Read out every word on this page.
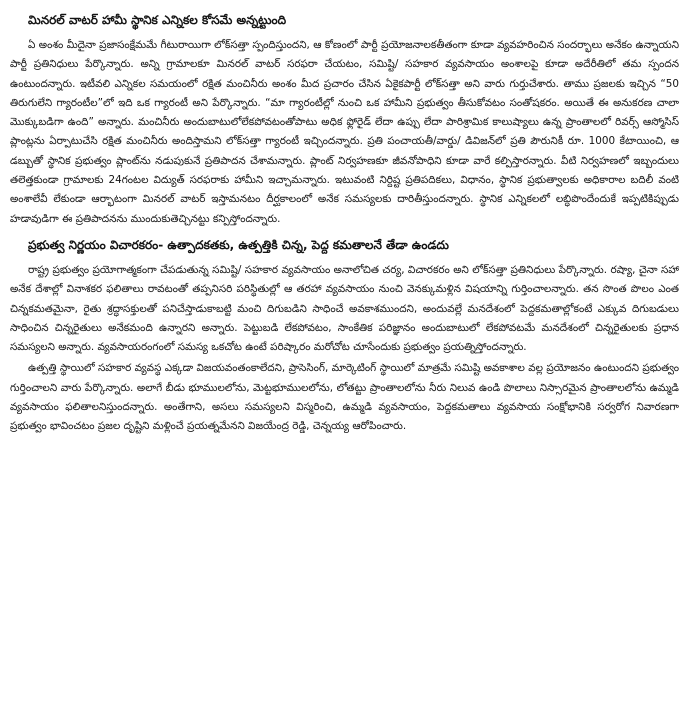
మినరల్ వాటర్ హామీ స్థానిక ఎన్నికల కోసమే అన్నట్టుంది

ఏ అంశం మీదైనా ప్రజాసంక్షేమమే గీటురాయిగా లోక్‌సత్తా స్పందిస్తుందని, ఆ కోణంలో పార్టీ ప్రయోజనాలకతీతంగా కూడా వ్యవహరించిన సందర్భాలు అనేకం ఉన్నాయని పార్టీ ప్రతినిధులు పేర్కొన్నారు. అన్ని గ్రామాలకూ మినరల్ వాటర్ సరఫరా చేయటం, సమిష్టి/ సహకార వ్యవసాయం అంశాలపై కూడా అదేరీతిలో తమ స్పందన ఉంటుందన్నారు. ఇటీవలి ఎన్నికల సమయంలో రక్షిత మంచినీరు అంశం మీద ప్రచారం చేసిన ఏకైకపార్టీ లోక్‌సత్తా అని వారు గుర్తుచేశారు. తాము ప్రజలకు ఇచ్చిన “50 తిరుగులేని గ్యారంటీల”లో ఇది ఒక గ్యారంటీ అని పేర్కొన్నారు. “మా గ్యారంటీల్లో నుంచి ఒక హామీని ప్రభుత్వం తీసుకోవటం సంతోషకరం. అయితే ఈ అనుకరణ చాలా మొక్కుబడిగా ఉంది” అన్నారు. మంచినీరు అందుబాటులోలేకపోవటంతోపాటు అధిక ఫ్లోరైడ్ లేదా ఉప్పు లేదా పారిశ్రామిక కాలుష్యాలు ఉన్న ప్రాంతాలలో రివర్స్ ఆస్మోసిస్ ప్లాంట్లను ఏర్పాటుచేసి రక్షిత మంచినీరు అందిస్తామని లోక్‌సత్తా గ్యారంటీ ఇచ్చిందన్నారు. ప్రతి పంచాయతీ/వార్డు/ డివిజన్‌లో ప్రతి పౌరునికీ రూ. 1000 కేటాయించి, ఆ డబ్బుతో స్థానిక ప్రభుత్వం ప్లాంట్‌ను నడుపుకునే ప్రతిపాదన చేశామన్నారు. ప్లాంట్ నిర్వహణకూ జీవనోపాధిని కూడా వారే కల్పిస్తారన్నారు. వీటి నిర్వహణలో ఇబ్బందులు తలెత్తకుండా గ్రామాలకు 24గంటల విద్యుత్ సరఫరాకు హామీని ఇచ్చామన్నారు. ఇటువంటి నిర్దిష్ట ప్రతిపదికలు, విధానం, స్థానిక ప్రభుత్వాలకు అధికారాల బదిలీ వంటి అంశాలేవీ లేకుండా ఆర్భాటంగా మినరల్ వాటర్ ఇస్తామనటం దీర్ఘకాలంలో అనేక సమస్యలకు దారితీస్తుందన్నారు. స్థానిక ఎన్నికలలో లబ్ధిపొందేందుకే ఇప్పటికిప్పుడు హడావుడిగా ఈ ప్రతిపాదనను ముందుకుతెచ్చినట్టు కన్పిస్తోందన్నారు.

ప్రభుత్వ నిర్ణయం విచారకరం- ఉత్పాదకతకు, ఉత్పత్తికి చిన్న, పెద్ద కమతాలనే తేడా ఉండదు

రాష్ట్ర ప్రభుత్వం ప్రయోగాత్మకంగా చేపడుతున్న సమిష్టి/ సహకార వ్యవసాయం అనాలోచిత చర్య, విచారకరం అని లోక్‌సత్తా ప్రతినిధులు పేర్కొన్నారు. రష్యా, చైనా సహా అనేక దేశాల్లో వినాశకర ఫలితాలు రావటంతో తప్పనిసరి పరిస్థితుల్లో ఆ తరహా వ్యవసాయం నుంచి వెనక్కుమళ్లిన విషయాన్ని గుర్తించాలన్నారు. తన సొంత పొలం ఎంత చిన్నకమతమైనా, రైతు శ్రద్ధాసక్తులతో పనిచేస్తాడుకాబట్టి మంచి దిగుబడిని సాధించే అవకాశముందని, అందువల్లే మనదేశంలో పెద్దకమతాల్లోకంటే ఎక్కువ దిగుబడులు సాధించిన చిన్నరైతులు అనేకమంది ఉన్నారని అన్నారు. పెట్టుబడి లేకపోవటం, సాంకేతిక పరిజ్ఞానం అందుబాటులో లేకపోవటమే మనదేశంలో చిన్నరైతులకు ప్రధాన సమస్యలని అన్నారు. వ్యవసాయరంగంలో సమస్య ఒకచోట ఉంటే పరిష్కారం మరోచోట చూసేందుకు ప్రభుత్వం ప్రయత్నిస్తోందన్నారు.

ఉత్పత్తి స్థాయిలో సహకార వ్యవస్థ ఎక్కడా విజయవంతంకాలేదని, ప్రాసెసింగ్, మార్కెటింగ్ స్థాయిలో మాత్రమే సమిష్టి అవకాశాల వల్ల ప్రయోజనం ఉంటుందని ప్రభుత్వం గుర్తించాలని వారు పేర్కొన్నారు. అలాగే బీడు భూములలోను, మెట్టభూములలోను, లోతట్టు ప్రాంతాలలోను నీరు నిలువ ఉండి పొలాలు నిస్సారమైన ప్రాంతాలలోను ఉమ్మడి వ్యవసాయం ఫలితాలనిస్తుందన్నారు. అంతేగాని, అసలు సమస్యలని విస్మరించి, ఉమ్మడి వ్యవసాయం, పెద్దకమతాలు వ్యవసాయ సంక్షోభానికి సర్వరోగ నివారణగా ప్రభుత్వం భావించటం ప్రజల దృష్టిని మళ్లించే ప్రయత్నమేనని విజయేంద్ర రెడ్డి, చెన్నయ్య ఆరోపించారు.
